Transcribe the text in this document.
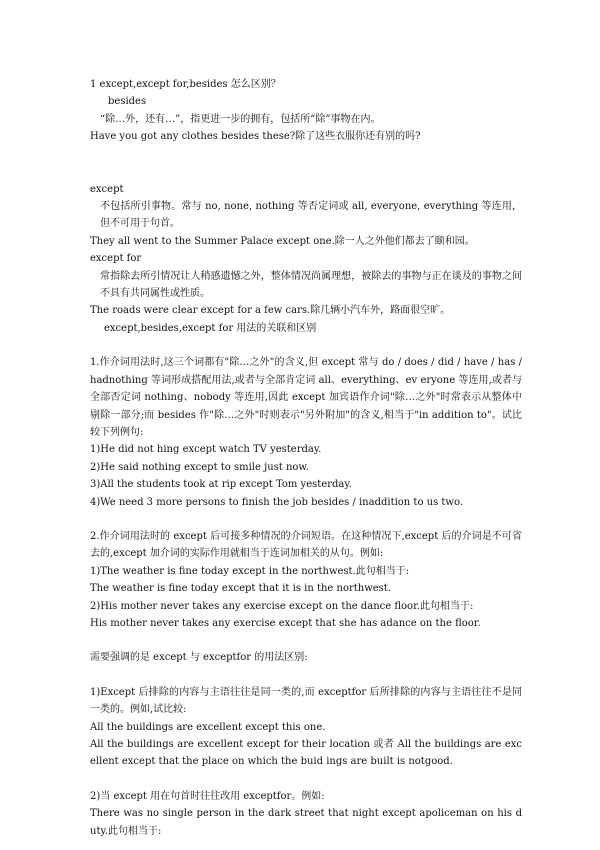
1 except,except for,besides 怎么区别？

besides

“除…外，还有…”，指更进一步的拥有，包括所“除”事物在内。

Have you got any clothes besides these?除了这些衣服你还有别的吗?

except

不包括所引事物。常与 no, none, nothing 等否定词或 all, everyone, everything 等连用，但不可用于句首。

They all went to the Summer Palace except one.除一人之外他们都去了颐和园。

except for

常指除去所引情况让人稍感遗憾之外，整体情况尚属理想，被除去的事物与正在谈及的事物之间不具有共同属性或性质。

The roads were clear except for a few cars.除几辆小汽车外，路面很空旷。

except,besides,except for 用法的关联和区别

1.作介词用法时,这三个词都有"除…之外"的含义,但 except 常与 do / does / did / have / has / hadnothing 等词形成搭配用法,或者与全部肯定词 all、everything、ev eryone 等连用,或者与全部否定词 nothing、nobody 等连用,因此 except 加宾语作介词"除…之外"时常表示从整体中剔除一部分;而 besides 作"除…之外"时则表示"另外附加"的含义,相当于"in addition to"。试比较下列例句:

1)He did not hing except watch TV yesterday.

2)He said nothing except to smile just now.

3)All the students took at rip except Tom yesterday.

4)We need 3 more persons to finish the job besides / inaddition to us two.

2.作介词用法时的 except 后可接多种情况的介词短语。在这种情况下,except 后的介词是不可省去的,except 加介词的实际作用就相当于连词加相关的从句。例如:

1)The weather is fine today except in the northwest.此句相当于:

The weather is fine today except that it is in the northwest.

2)His mother never takes any exercise except on the dance floor.此句相当于:

His mother never takes any exercise except that she has adance on the floor.

需要强调的是 except 与 exceptfor 的用法区别:

1)Except 后排除的内容与主语往往是同一类的,而 exceptfor 后所排除的内容与主语往往不是同一类的。例如,试比较:

All the buildings are excellent except this one.

All the buildings are excellent except for their location 或者 All the buildings are excellent except that the place on which the buid ings are built is notgood.

2)当 except 用在句首时往往改用 exceptfor。例如:

There was no single person in the dark street that night except apoliceman on his duty.此句相当于:
